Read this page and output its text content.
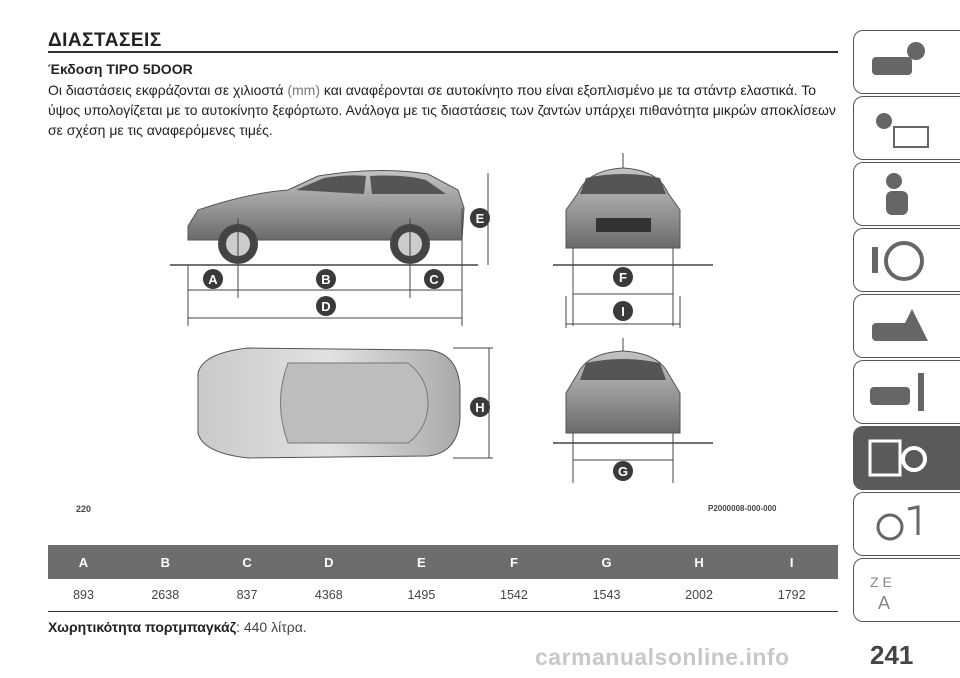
ΔΙΑΣΤΑΣΕΙΣ
Έκδοση TIPO 5DOOR
Οι διαστάσεις εκφράζονται σε χιλιοστά (mm) και αναφέρονται σε αυτοκίνητο που είναι εξοπλισμένο με τα στάντρ ελαστικά. Το ύψος υπολογίζεται με το αυτοκίνητο ξεφόρτωτο. Ανάλογα με τις διαστάσεις των ζαντών υπάρχει πιθανότητα μικρών αποκλίσεων σε σχέση με τις αναφερόμενες τιμές.
A	B	C
D
E
F
G
H
I
220	P2000008-000-000
A	B	C	D	E	F	G	H	I
893	2638	837	4368	1495	1542	1543	2002	1792
Χωρητικότητα πορτμπαγκάζ: 440 λίτρα.
Z E
A
carmanualsonline.info	241
